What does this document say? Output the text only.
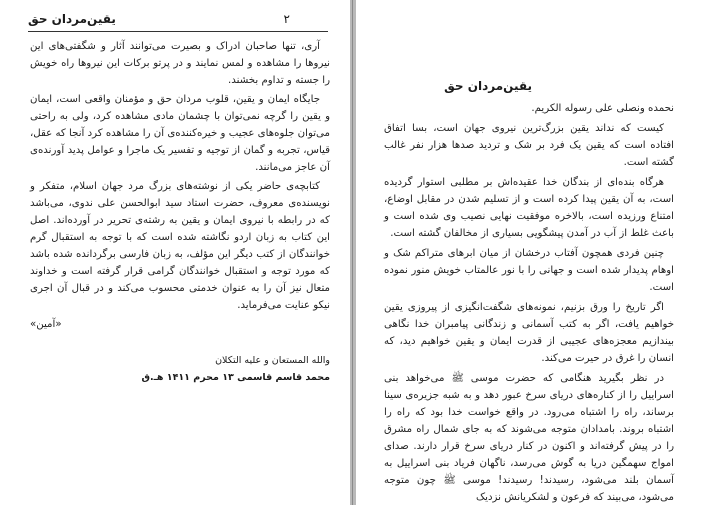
يقين‌مردان حق	۲

آری، تنها صاحبان ادراک و بصیرت می‌توانند آثار و شگفتی‌های این نیروها را مشاهده و لمس نمایند و در پرتو برکات این نیروها راه خویش را جسته و تداوم بخشند.

جایگاه ایمان و یقین، قلوب مردان حق و مؤمنان واقعی است، ایمان و یقین را گرچه نمی‌توان با چشمان مادی مشاهده کرد، ولی به راحتی می‌توان جلوه‌های عجیب و خیره‌کننده‌ی آن را مشاهده کرد آنجا که عقل، قیاس، تجربه و گمان از توجیه و تفسیر یک ماجرا و عوامل پدید آورنده‌ی آن عاجز می‌مانند.

کتابچه‌ی حاضر یکی از نوشته‌های بزرگ مرد جهان اسلام، متفکر و نویسنده‌ی معروف، حضرت استاد سید ابوالحسن علی ندوی، می‌باشد که در رابطه با نیروی ایمان و یقین به رشته‌ی تحریر در آورده‌اند. اصل این کتاب به زبان اردو نگاشته شده است که با توجه به استقبال گرم خوانندگان از کتب دیگر این مؤلف، به زبان فارسی برگردانده شده باشد که مورد توجه و استقبال خوانندگان گرامی قرار گرفته است و خداوند متعال نیز آن را به عنوان خدمتی محسوب می‌کند و در قبال آن اجری نیکو عنایت می‌فرماید.

«آمین»

والله المستعان و علیه التکلان
محمد قاسم قاسمی ۱۳ محرم ۱۴۱۱ هـ.ق
یقین‌مردان حق

نحمده ونصلی علی رسوله الکریم.

کیست که نداند یقین بزرگ‌ترین نیروی جهان است، بسا اتفاق افتاده است که یقین یک فرد بر شک و تردید صدها هزار نفر غالب گشته است.

هرگاه بنده‌ای از بندگان خدا عقیده‌اش بر مطلبی استوار گردیده است، به آن یقین پیدا کرده است و از تسلیم شدن در مقابل اوضاع، امتناع ورزیده است، بالاخره موفقیت نهایی نصیب وی شده است و باعث غلط از آب در آمدن پیشگویی بسیاری از مخالفان گشته است.

چنین فردی همچون آفتاب درخشان از میان ابرهای متراکم شک و اوهام پدیدار شده است و جهانی را با نور عالمتاب خویش منور نموده است.

اگر تاریخ را ورق بزنیم، نمونه‌های شگفت‌انگیزی از پیروزی یقین خواهیم یافت، اگر به کتب آسمانی و زندگانی پیامبران خدا نگاهی بیندازیم معجزه‌های عجیبی از قدرت ایمان و یقین خواهیم دید، که انسان را غرق در حیرت می‌کند.

در نظر بگیرید هنگامی که حضرت موسی ﷺ می‌خواهد بنی اسراییل را از کناره‌های دریای سرخ عبور دهد و به شبه جزیره‌ی سینا برساند، راه را اشتباه می‌رود. در واقع خواست خدا بود که راه را اشتباه بروند. بامدادان متوجه می‌شوند که به جای شمال راه مشرق را در پیش گرفته‌اند و اکنون در کنار دریای سرخ قرار دارند. صدای امواج سهمگین دریا به گوش می‌رسد، ناگهان فریاد بنی اسراییل به آسمان بلند می‌شود، رسیدند! رسیدند! موسی ﷺ چون متوجه می‌شود، می‌بیند که فرعون و لشکریانش نزدیک
